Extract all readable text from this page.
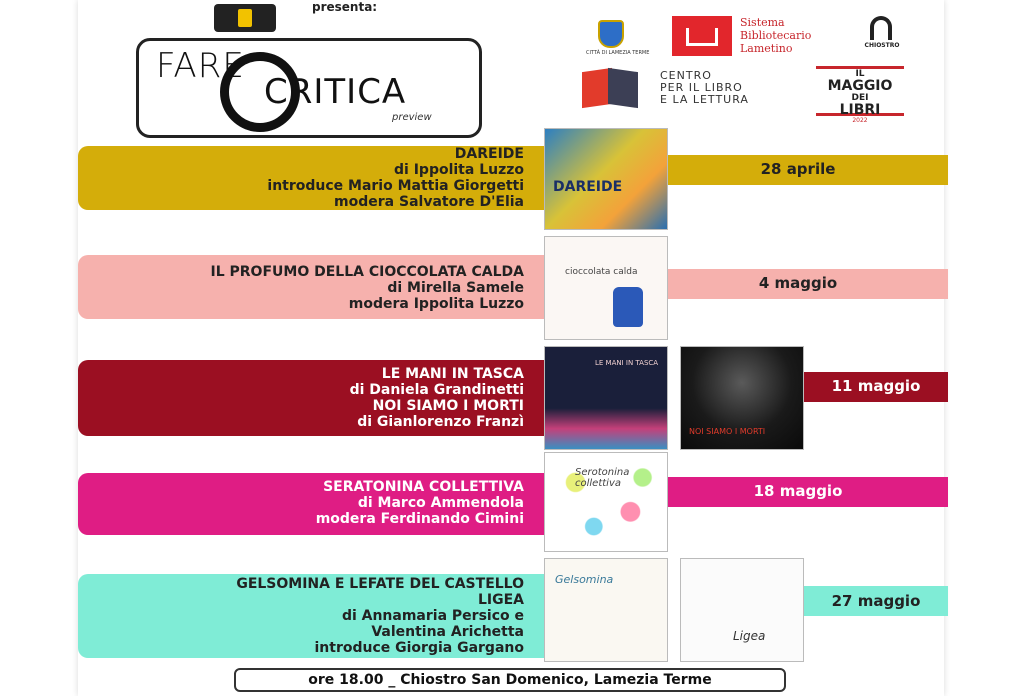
presenta:
FARE
CRITICA
preview
CITTÀ DI LAMEZIA TERME
Sistema
Bibliotecario
Lametino	CHIOSTRO
CENTRO
PER IL LIBRO
E LA LETTURA
IL
MAGGIO
DEI
LIBRI
2022
DAREIDE
di Ippolita Luzzo
introduce Mario Mattia Giorgetti
modera Salvatore D'Elia
28 aprile
DAREIDE
IL PROFUMO DELLA CIOCCOLATA CALDA
di Mirella Samele
modera Ippolita Luzzo
4 maggio
cioccolata calda
LE MANI IN TASCA
di Daniela Grandinetti
NOI SIAMO I MORTI
di Gianlorenzo Franzì
11 maggio
LE MANI IN TASCA
NOI SIAMO I MORTI
SERATONINA COLLETTIVA
di Marco Ammendola
modera Ferdinando Cimini
18 maggio
Serotonina collettiva
GELSOMINA E LEFATE DEL CASTELLO
LIGEA
di Annamaria Persico e
Valentina Arichetta
introduce Giorgia Gargano
27 maggio
Gelsomina
Ligea
ore 18.00 _ Chiostro San Domenico, Lamezia Terme
